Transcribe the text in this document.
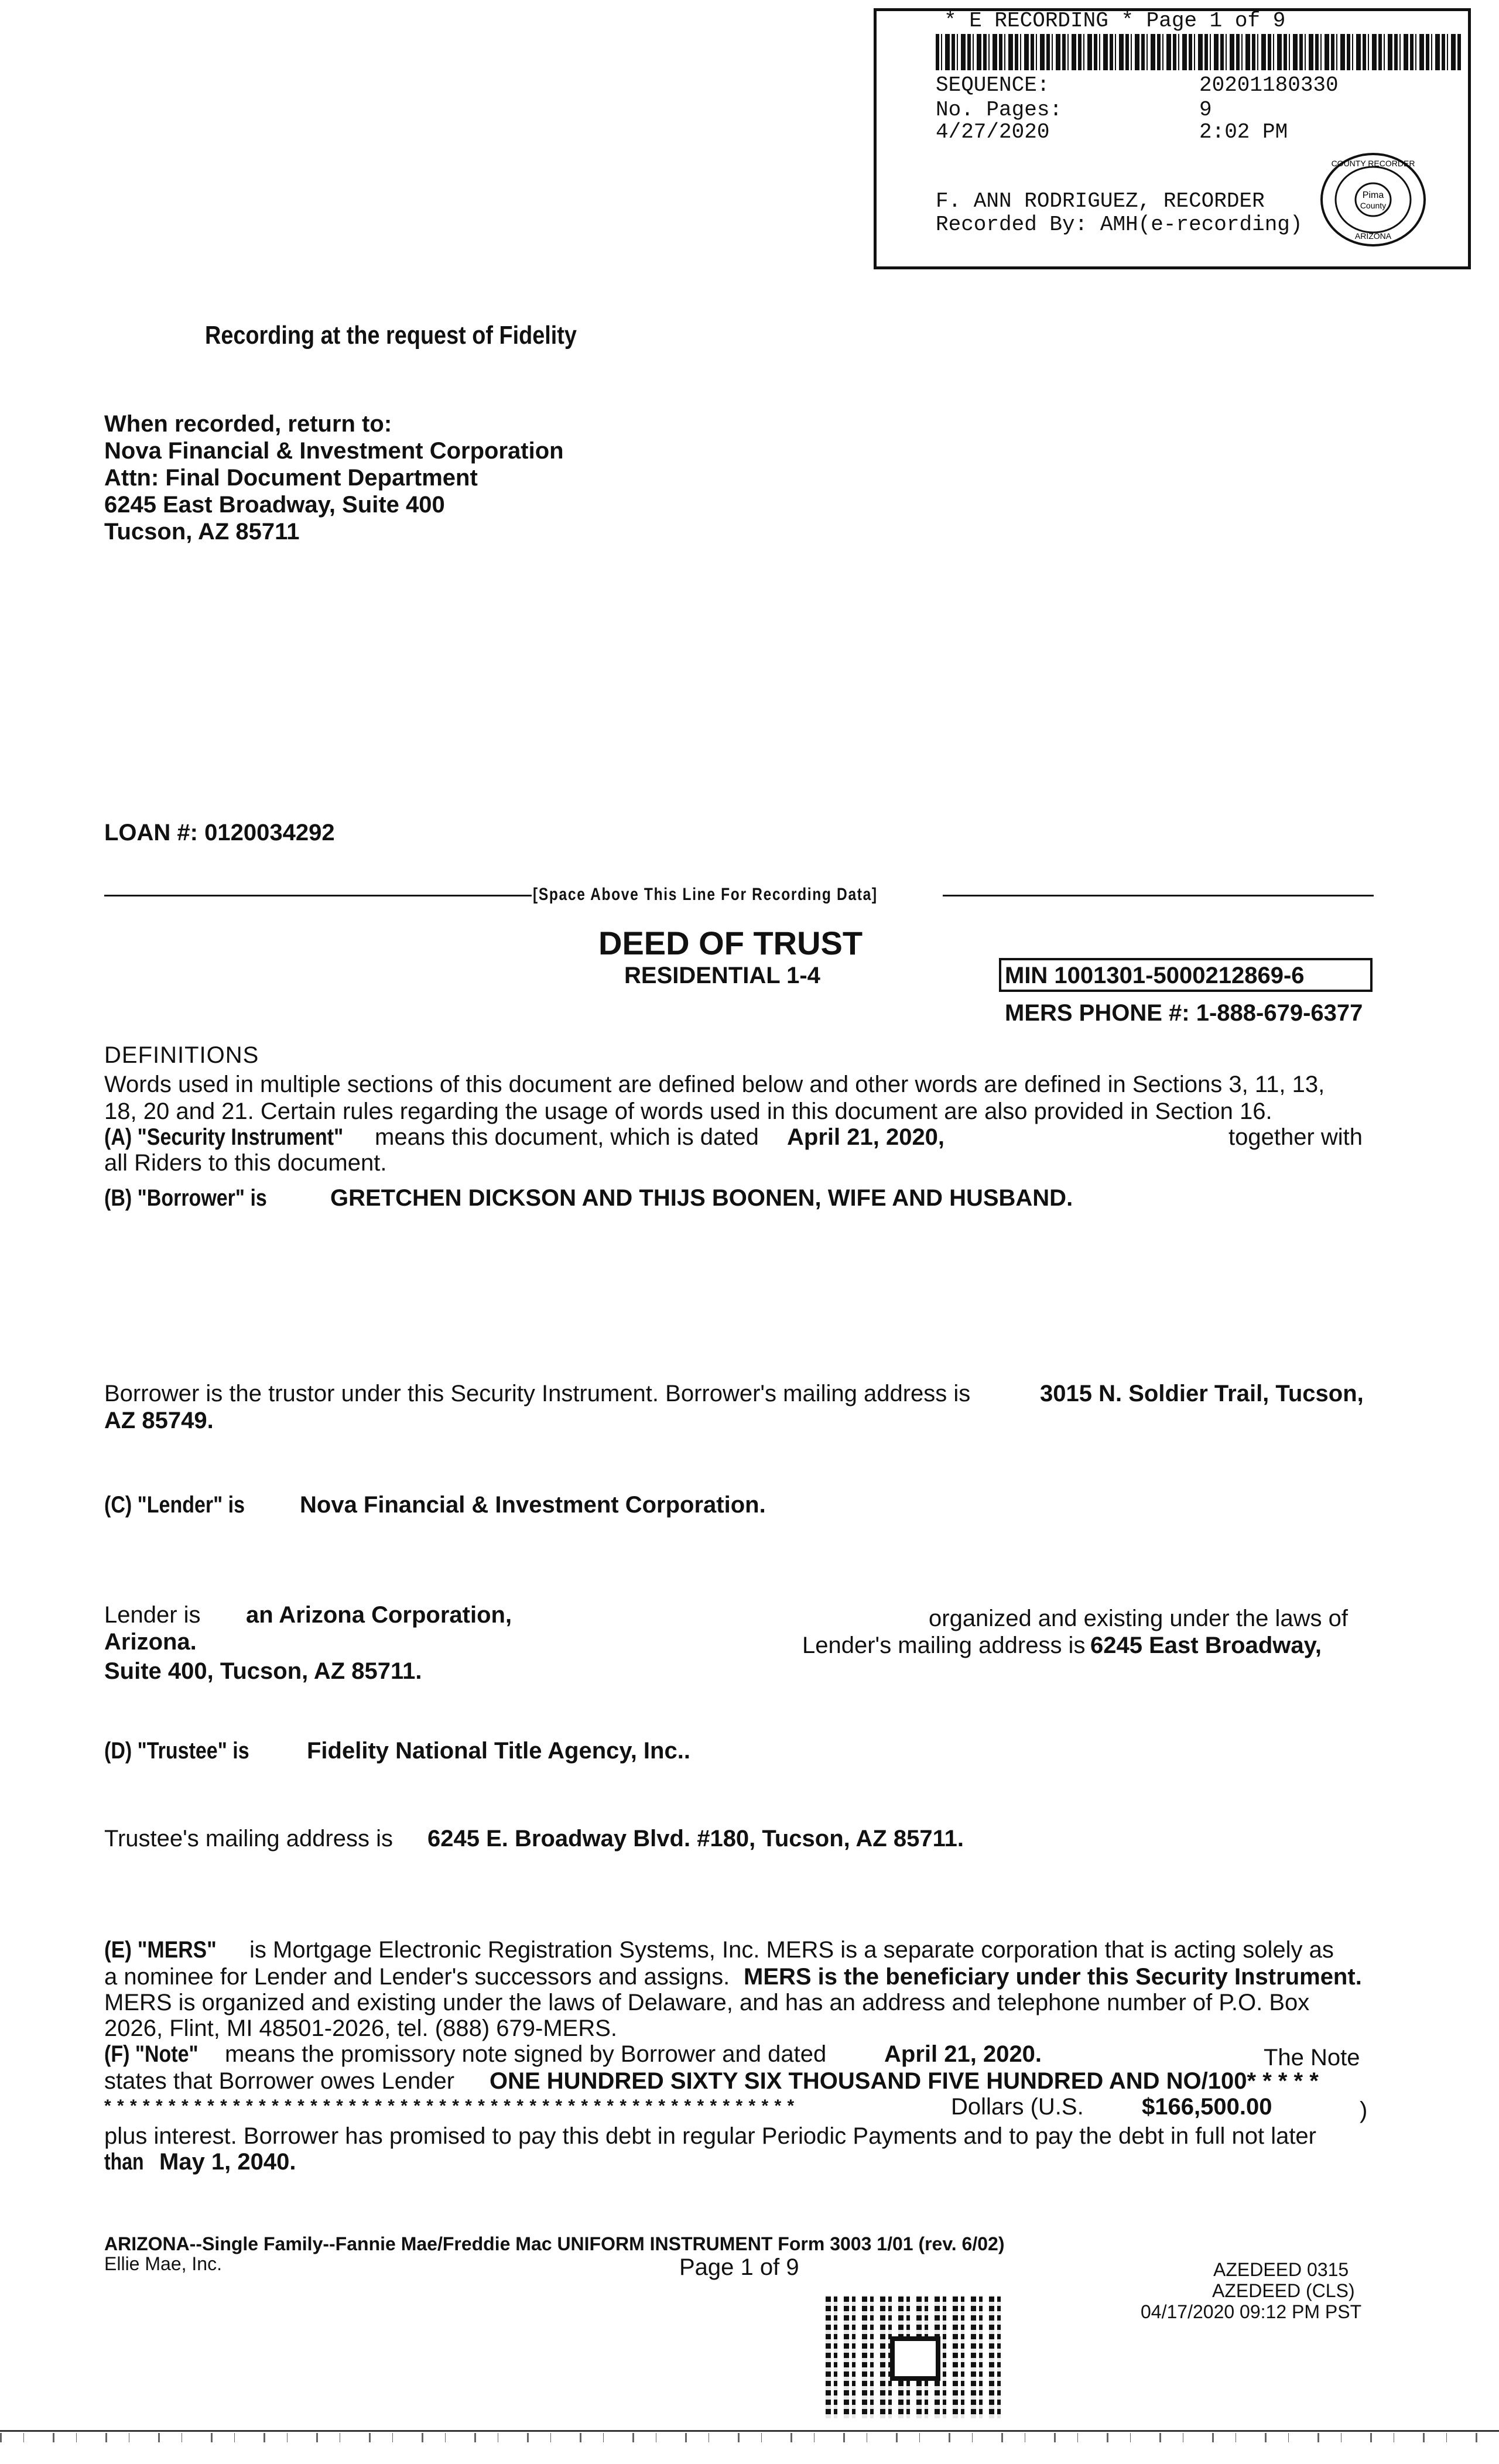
* E RECORDING * Page 1 of 9
SEQUENCE:	20201180330
No. Pages:	9
4/27/2020	2:02 PM
F. ANN RODRIGUEZ, RECORDER
Recorded By: AMH(e-recording)
Pima
County
COUNTY RECORDER
ARIZONA
Recording at the request of Fidelity
When recorded, return to:
Nova Financial & Investment Corporation
Attn: Final Document Department
6245 East Broadway, Suite 400
Tucson, AZ 85711
LOAN #: 0120034292
[Space Above This Line For Recording Data]
DEED OF TRUST
RESIDENTIAL 1-4	MIN 1001301-5000212869-6
MERS PHONE #: 1-888-679-6377
DEFINITIONS
Words used in multiple sections of this document are defined below and other words are defined in Sections 3, 11, 13,
18, 20 and 21. Certain rules regarding the usage of words used in this document are also provided in Section 16.
(A) "Security Instrument" means this document, which is dated April 21, 2020,	together with
all Riders to this document.
(B) "Borrower" is	GRETCHEN DICKSON AND THIJS BOONEN, WIFE AND HUSBAND.
Borrower is the trustor under this Security Instrument. Borrower's mailing address is	3015 N. Soldier Trail, Tucson,
AZ 85749.
(C) "Lender" is Nova Financial & Investment Corporation.
Lender is an Arizona Corporation,	organized and existing under the laws of
Arizona.	Lender's mailing address is 6245 East Broadway,
Suite 400, Tucson, AZ 85711.
(D) "Trustee" is Fidelity National Title Agency, Inc..
Trustee's mailing address is 6245 E. Broadway Blvd. #180, Tucson, AZ 85711.
(E) "MERS" is Mortgage Electronic Registration Systems, Inc. MERS is a separate corporation that is acting solely as
a nominee for Lender and Lender's successors and assigns. MERS is the beneficiary under this Security Instrument.
MERS is organized and existing under the laws of Delaware, and has an address and telephone number of P.O. Box
2026, Flint, MI 48501-2026, tel. (888) 679-MERS.
(F) "Note" means the promissory note signed by Borrower and dated April 21, 2020.	The Note
states that Borrower owes Lender ONE HUNDRED SIXTY SIX THOUSAND FIVE HUNDRED AND NO/100* * * * *
* * * * * * * * * * * * * * * * * * * * * * * * * * * * * * * * * * * * * * * * * * * * * * * * * * * * * *	Dollars (U.S. $166,500.00	)
plus interest. Borrower has promised to pay this debt in regular Periodic Payments and to pay the debt in full not later
than May 1, 2040.
ARIZONA--Single Family--Fannie Mae/Freddie Mac UNIFORM INSTRUMENT Form 3003 1/01 (rev. 6/02)
Ellie Mae, Inc.	Page 1 of 9	AZEDEED 0315
AZEDEED (CLS)
04/17/2020 09:12 PM PST
